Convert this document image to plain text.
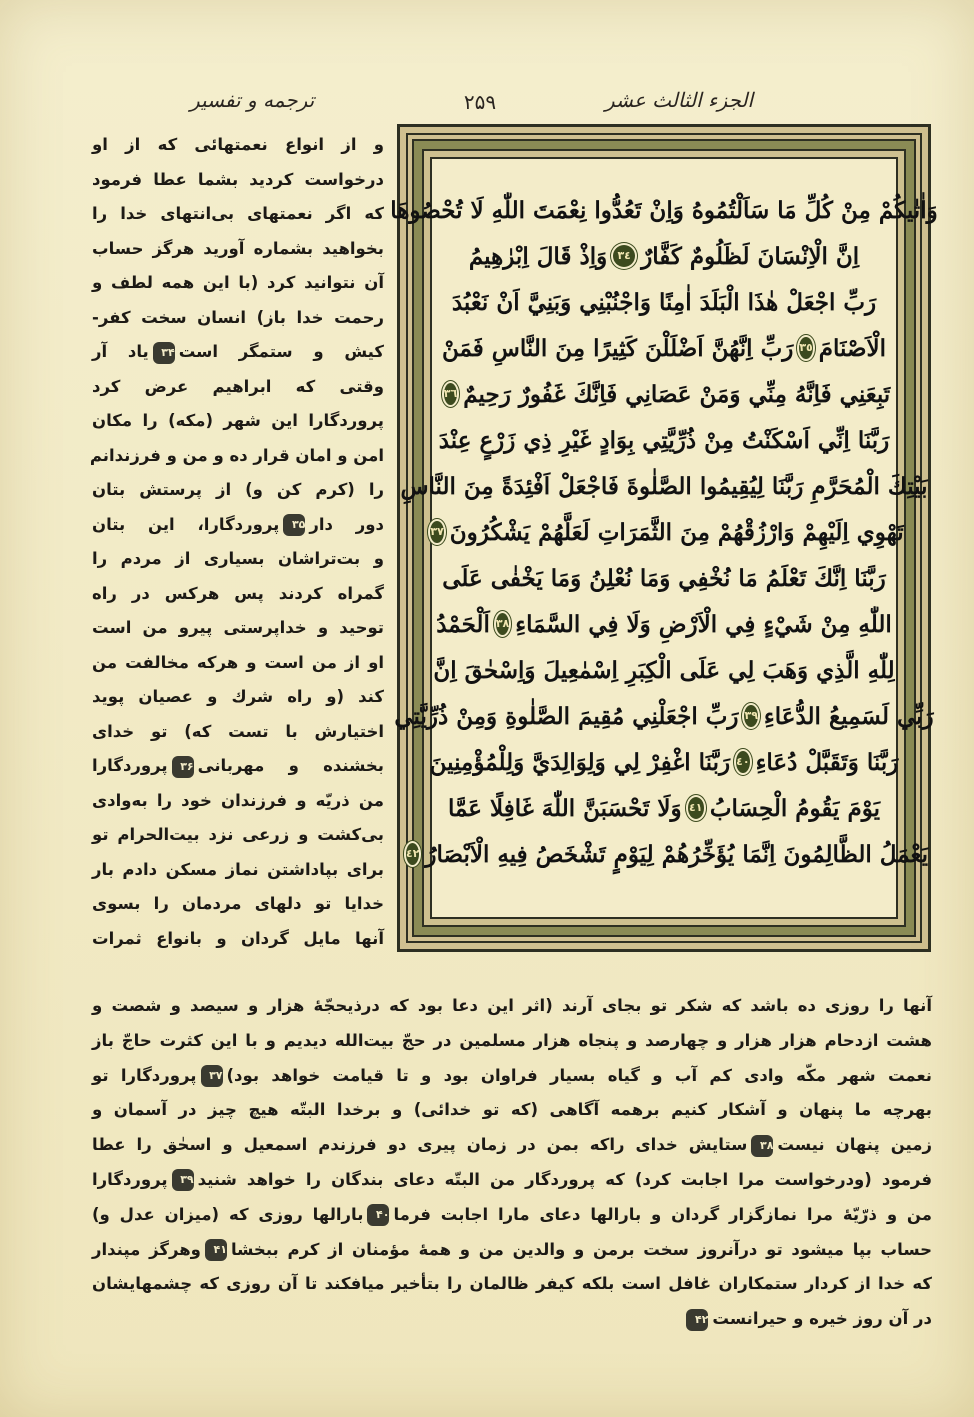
ترجمه و تفسیر	۲۵۹	الجزء الثالث عشر
وَاٰتٰيكُمْ مِنْ كُلِّ مَا سَاَلْتُمُوهُ وَاِنْ تَعُدُّوا نِعْمَتَ اللّٰهِ لَا تُحْصُوهَا
اِنَّ الْاِنْسَانَ لَظَلُومٌ كَفَّارٌ
٣٤
وَاِذْ قَالَ اِبْرٰهِيمُ
رَبِّ اجْعَلْ هٰذَا الْبَلَدَ اٰمِنًا وَاجْنُبْنِي وَبَنِيَّ اَنْ نَعْبُدَ
الْاَصْنَامَ
٣٥
رَبِّ اِنَّهُنَّ اَضْلَلْنَ كَثِيرًا مِنَ النَّاسِ فَمَنْ
تَبِعَنِي فَاِنَّهُ مِنِّي وَمَنْ عَصَانِي فَاِنَّكَ غَفُورٌ رَحِيمٌ
٣٦
رَبَّنَا اِنِّي اَسْكَنْتُ مِنْ ذُرِّيَّتِي بِوَادٍ غَيْرِ ذِي زَرْعٍ عِنْدَ
بَيْتِكَ الْمُحَرَّمِ رَبَّنَا لِيُقِيمُوا الصَّلٰوةَ فَاجْعَلْ اَفْئِدَةً مِنَ النَّاسِ
تَهْوِي اِلَيْهِمْ وَارْزُقْهُمْ مِنَ الثَّمَرَاتِ لَعَلَّهُمْ يَشْكُرُونَ
٣٧
رَبَّنَا اِنَّكَ تَعْلَمُ مَا نُخْفِي وَمَا نُعْلِنُ وَمَا يَخْفٰى عَلَى
اللّٰهِ مِنْ شَيْءٍ فِي الْاَرْضِ وَلَا فِي السَّمَاءِ
٣٨
اَلْحَمْدُ
لِلّٰهِ الَّذِي وَهَبَ لِي عَلَى الْكِبَرِ اِسْمٰعِيلَ وَاِسْحٰقَ اِنَّ
رَبِّي لَسَمِيعُ الدُّعَاءِ
٣٩
رَبِّ اجْعَلْنِي مُقِيمَ الصَّلٰوةِ وَمِنْ ذُرِّيَّتِي
رَبَّنَا وَتَقَبَّلْ دُعَاءِ
٤٠
رَبَّنَا اغْفِرْ لِي وَلِوَالِدَيَّ وَلِلْمُؤْمِنِينَ
يَوْمَ يَقُومُ الْحِسَابُ
٤١
وَلَا تَحْسَبَنَّ اللّٰهَ غَافِلًا عَمَّا
يَعْمَلُ الظَّالِمُونَ اِنَّمَا يُؤَخِّرُهُمْ لِيَوْمٍ تَشْخَصُ فِيهِ الْاَبْصَارُ
٤٢
و از انواع نعمتهائی که از او
درخواست کردید بشما عطا فرمود
که اگر نعمتهای بی‌انتهای خدا را
بخواهید بشماره آورید هرگز حساب
آن نتوانید کرد (با این همه لطف و
رحمت خدا باز) انسان سخت کفر-
کیش و ستمگر است۳۴یاد آر
وقتی که ابراهیم عرض کرد
پروردگارا این شهر (مکه) را مکان
امن و امان قرار ده و من و فرزندانم
را (کرم کن و) از پرستش بتان
دور دار۳۵پروردگارا، این بتان
و بت‌تراشان بسیاری از مردم را
گمراه کردند پس هرکس در راه
توحید و خداپرستی پیرو من است
او از من است و هرکه مخالفت من
کند (و راه شرك و عصیان پوید
اختیارش با تست که) تو خدای
بخشنده و مهربانی۳۶پروردگارا
من ذریّه و فرزندان خود را به‌وادی
بی‌کشت و زرعی نزد بیت‌الحرام تو
برای بپاداشتن نماز مسکن دادم بار
خدایا تو دلهای مردمان را بسوی
آنها مایل گردان و بانواع ثمرات
آنها را روزی ده باشد که شکر تو بجای آرند (اثر این دعا بود که درذیحجّهٔ هزار و سیصد و شصت و
هشت ازدحام هزار هزار و چهارصد و پنجاه هزار مسلمین در حجّ بیت‌الله دیدیم و با این کثرت حاجّ باز
نعمت شهر مکّه وادی کم آب و گیاه بسیار فراوان بود و تا قیامت خواهد بود)۳۷پروردگارا تو
بهرچه ما پنهان و آشکار کنیم برهمه آگاهی (که تو خدائی) و برخدا البتّه هیچ چیز در آسمان و
زمین پنهان نیست۳۸ستایش خدای راکه بمن در زمان پیری دو فرزندم اسمعیل و اسحٰق را عطا
فرمود (ودرخواست مرا اجابت کرد) که پروردگار من البتّه دعای بندگان را خواهد شنید۳۹پروردگارا
من و ذرّیّهٔ مرا نمازگزار گردان و بارالها دعای مارا اجابت فرما۴۰بارالها روزی که (میزان عدل و)
حساب بپا میشود تو درآنروز سخت برمن و والدین من و همهٔ مؤمنان از کرم ببخشا۴۱وهرگز مپندار
که خدا از کردار ستمکاران غافل است بلکه کیفر ظالمان را بتأخیر میافکند تا آن روزی که چشمهایشان
در آن روز خیره و حیرانست۴۲
